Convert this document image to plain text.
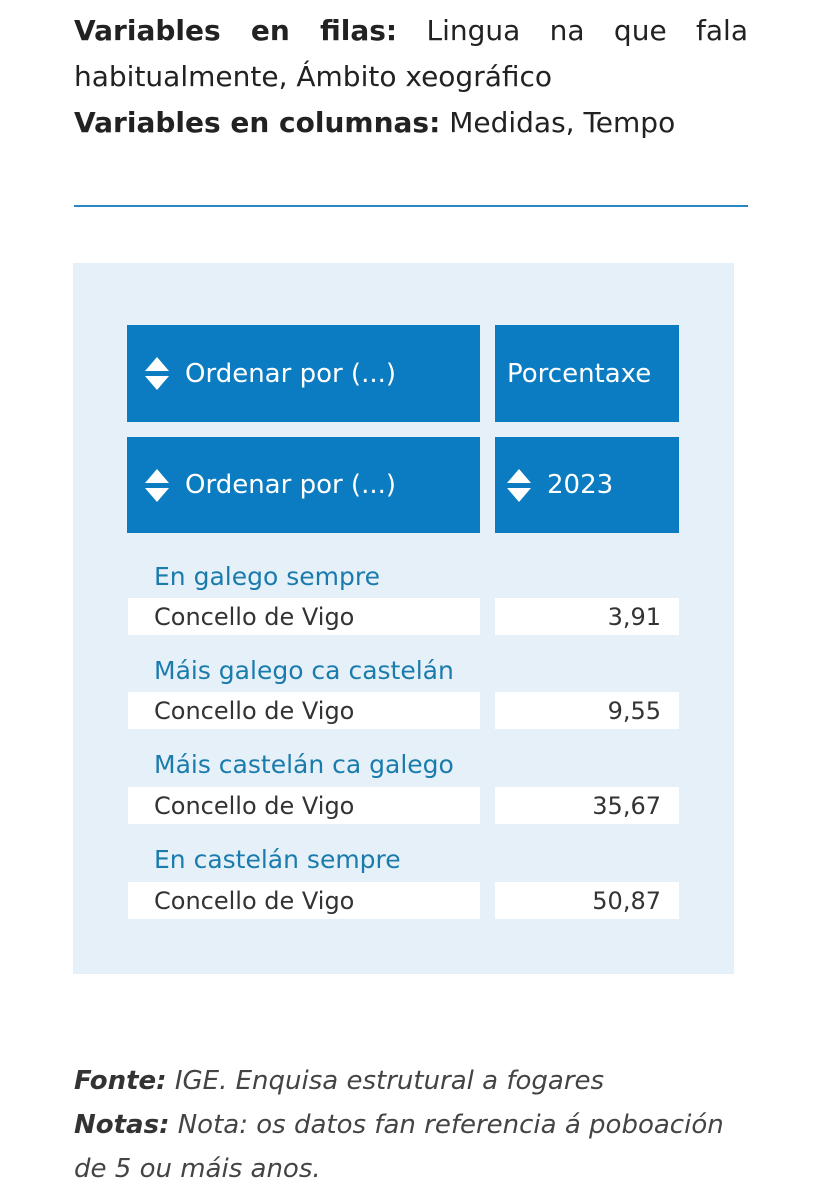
Variables en filas: Lingua na que fala habitualmente, Ámbito xeográfico

Variables en columnas: Medidas, Tempo

Ordenar por (...)	Porcentaxe
Ordenar por (...)	2023
En galego sempre
Concello de Vigo	3,91
Máis galego ca castelán
Concello de Vigo	9,55
Máis castelán ca galego
Concello de Vigo	35,67
En castelán sempre
Concello de Vigo	50,87

Fonte: IGE. Enquisa estrutural a fogares

Notas: Nota: os datos fan referencia á poboación de 5 ou máis anos.
